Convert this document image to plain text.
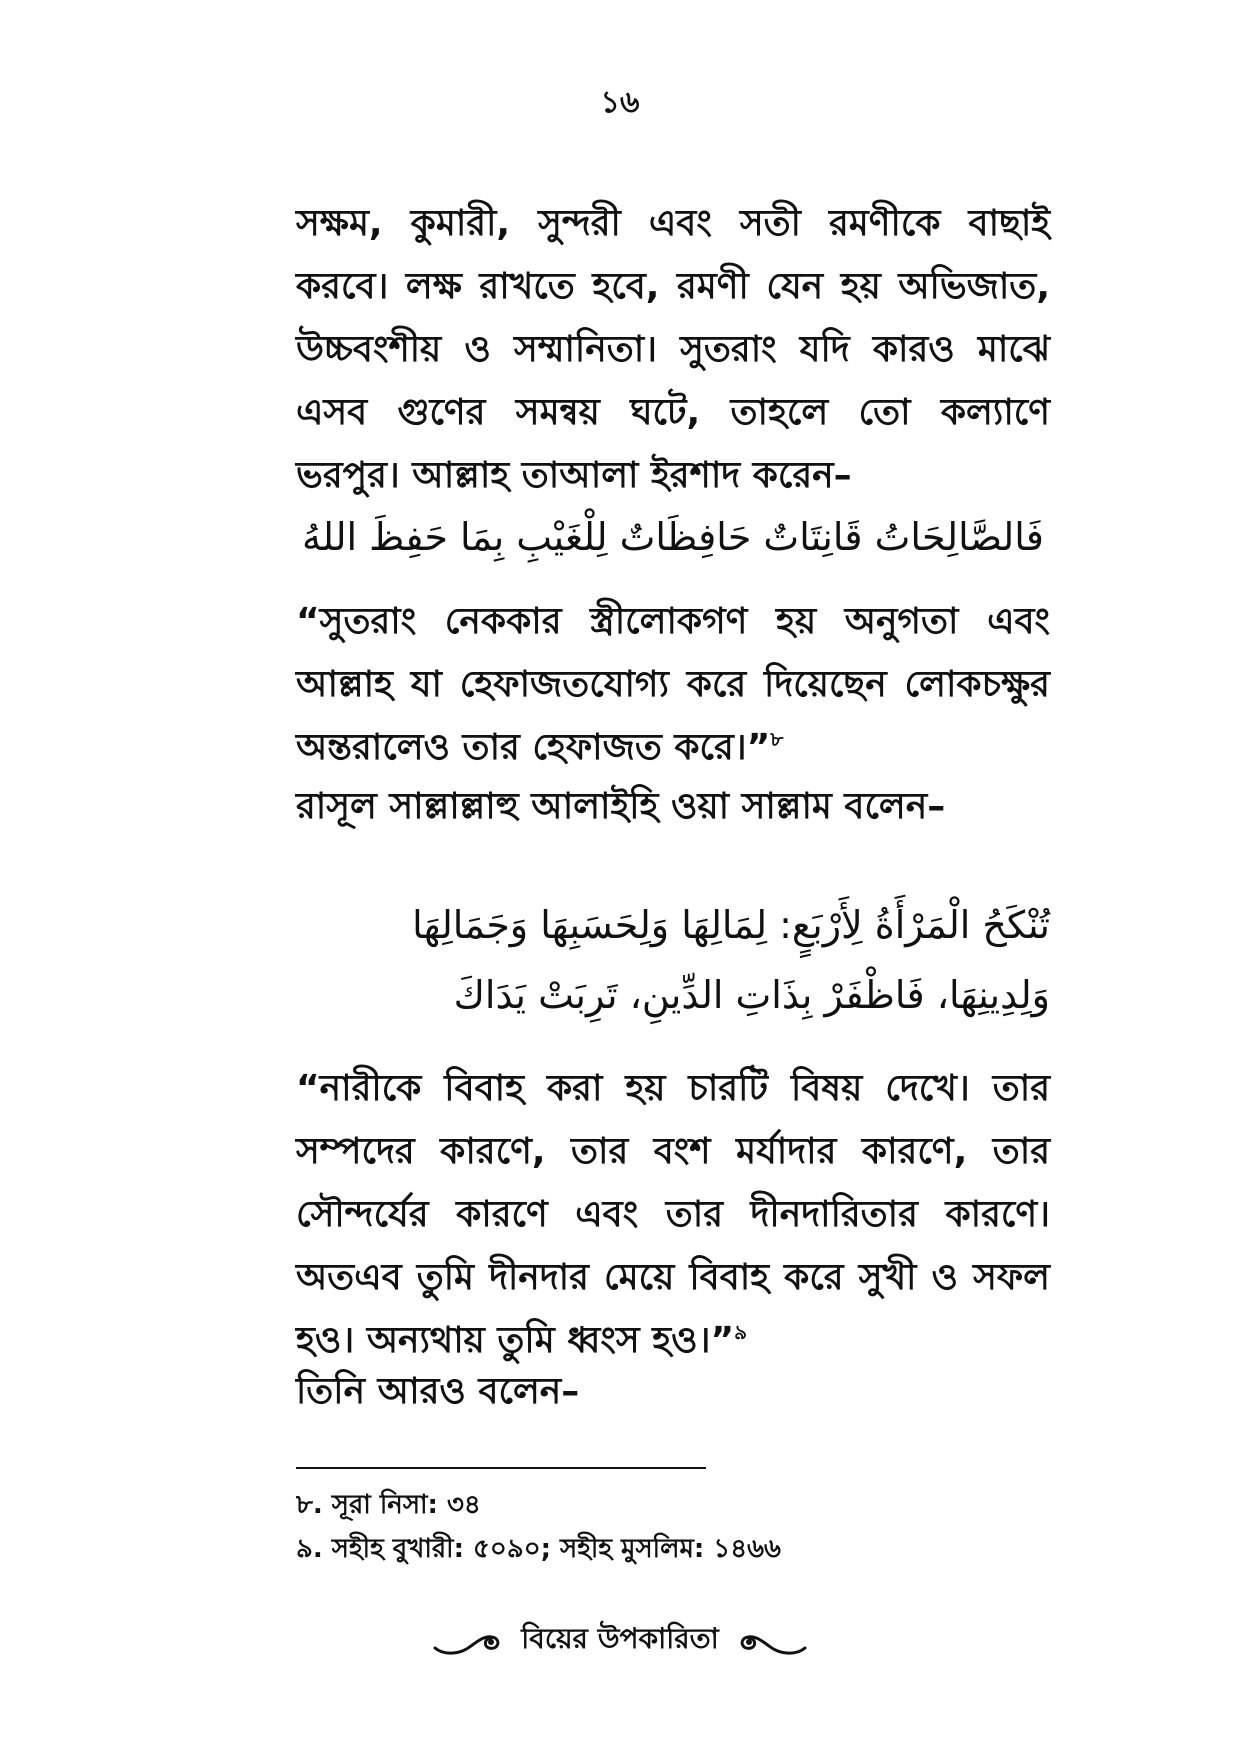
১৬
সক্ষম, কুমারী, সুন্দরী এবং সতী রমণীকে বাছাই করবে। লক্ষ রাখতে হবে, রমণী যেন হয় অভিজাত, উচ্চবংশীয় ও সম্মানিতা। সুতরাং যদি কারও মাঝে এসব গুণের সমন্বয় ঘটে, তাহলে তো কল্যাণে ভরপুর। আল্লাহ তাআলা ইরশাদ করেন–
فَالصَّالِحَاتُ قَانِتَاتٌ حَافِظَاتٌ لِلْغَيْبِ بِمَا حَفِظَ اللهُ
“সুতরাং নেককার স্ত্রীলোকগণ হয় অনুগতা এবং আল্লাহ যা হেফাজতযোগ্য করে দিয়েছেন লোকচক্ষুর অন্তরালেও তার হেফাজত করে।”$^৮$
রাসূল সাল্লাল্লাহু আলাইহি ওয়া সাল্লাম বলেন–
تُنْكَحُ الْمَرْأَةُ لِأَرْبَعٍ: لِمَالِهَا وَلِحَسَبِهَا وَجَمَالِهَا وَلِدِينِهَا، فَاظْفَرْ بِذَاتِ الدِّينِ، تَرِبَتْ يَدَاكَ
“নারীকে বিবাহ করা হয় চারটি বিষয় দেখে। তার সম্পদের কারণে, তার বংশ মর্যাদার কারণে, তার সৌন্দর্যের কারণে এবং তার দীনদারিতার কারণে। অতএব তুমি দীনদার মেয়ে বিবাহ করে সুখী ও সফল হও। অন্যথায় তুমি ধ্বংস হও।”$^৯$
তিনি আরও বলেন–
৮. সূরা নিসা: ৩৪
৯. সহীহ বুখারী: ৫০৯০; সহীহ মুসলিম: ১৪৬৬
বিয়ের উপকারিতা
